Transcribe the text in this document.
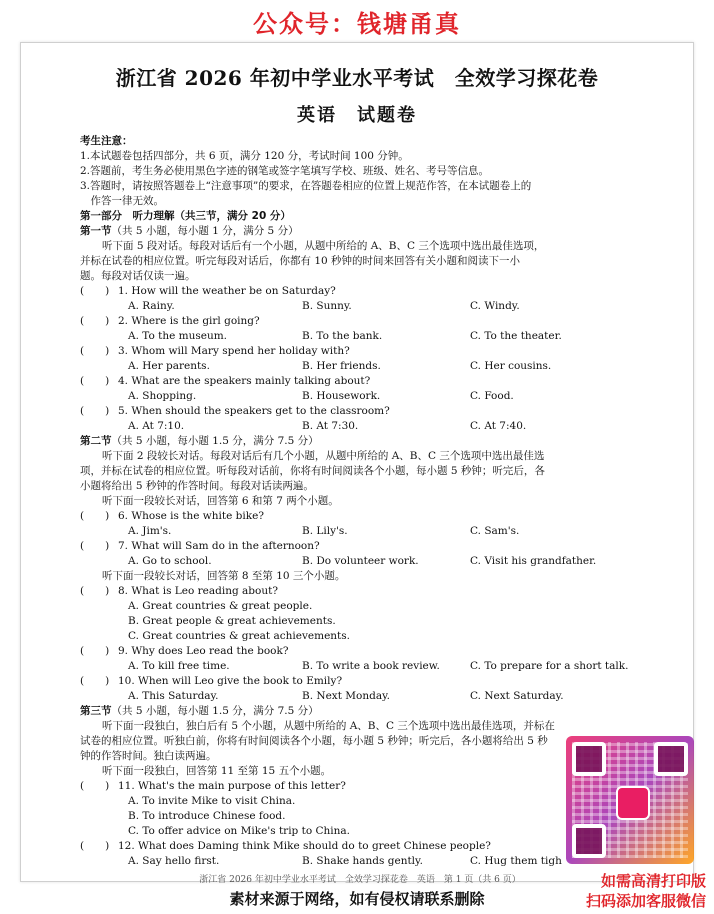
公众号：钱塘甬真
浙江省 2026 年初中学业水平考试　全效学习探花卷
英语　试题卷
考生注意：
1.本试题卷包括四部分，共 6 页，满分 120 分，考试时间 100 分钟。
2.答题前，考生务必使用黑色字迹的钢笔或签字笔填写学校、班级、姓名、考号等信息。
3.答题时，请按照答题卷上“注意事项”的要求，在答题卷相应的位置上规范作答，在本试题卷上的
　作答一律无效。
第一部分　听力理解（共三节，满分 20 分）
第一节（共 5 小题，每小题 1 分，满分 5 分）
听下面 5 段对话。每段对话后有一个小题，从题中所给的 A、B、C 三个选项中选出最佳选项，
并标在试卷的相应位置。听完每段对话后，你都有 10 秒钟的时间来回答有关小题和阅读下一小
题。每段对话仅读一遍。
(　　) 1. How will the weather be on Saturday?
A. Rainy.	B. Sunny.	C. Windy.
(　　) 2. Where is the girl going?
A. To the museum.	B. To the bank.	C. To the theater.
(　　) 3. Whom will Mary spend her holiday with?
A. Her parents.	B. Her friends.	C. Her cousins.
(　　) 4. What are the speakers mainly talking about?
A. Shopping.	B. Housework.	C. Food.
(　　) 5. When should the speakers get to the classroom?
A. At 7:10.	B. At 7:30.	C. At 7:40.
第二节（共 5 小题，每小题 1.5 分，满分 7.5 分）
听下面 2 段较长对话。每段对话后有几个小题，从题中所给的 A、B、C 三个选项中选出最佳选
项，并标在试卷的相应位置。听每段对话前，你将有时间阅读各个小题，每小题 5 秒钟；听完后，各
小题将给出 5 秒钟的作答时间。每段对话读两遍。
听下面一段较长对话，回答第 6 和第 7 两个小题。
(　　) 6. Whose is the white bike?
A. Jim's.	B. Lily's.	C. Sam's.
(　　) 7. What will Sam do in the afternoon?
A. Go to school.	B. Do volunteer work.	C. Visit his grandfather.
听下面一段较长对话，回答第 8 至第 10 三个小题。
(　　) 8. What is Leo reading about?
A. Great countries & great people.
B. Great people & great achievements.
C. Great countries & great achievements.
(　　) 9. Why does Leo read the book?
A. To kill free time.	B. To write a book review.	C. To prepare for a short talk.
(　　) 10. When will Leo give the book to Emily?
A. This Saturday.	B. Next Monday.	C. Next Saturday.
第三节（共 5 小题，每小题 1.5 分，满分 7.5 分）
听下面一段独白，独白后有 5 个小题，从题中所给的 A、B、C 三个选项中选出最佳选项，并标在
试卷的相应位置。听独白前，你将有时间阅读各个小题，每小题 5 秒钟；听完后，各小题将给出 5 秒
钟的作答时间。独白读两遍。
听下面一段独白，回答第 11 至第 15 五个小题。
(　　) 11. What's the main purpose of this letter?
A. To invite Mike to visit China.
B. To introduce Chinese food.
C. To offer advice on Mike's trip to China.
(　　) 12. What does Daming think Mike should do to greet Chinese people?
A. Say hello first.	B. Shake hands gently.	C. Hug them tigh
浙江省 2026 年初中学业水平考试　全效学习探花卷　英语　第 1 页（共 6 页）
素材来源于网络，如有侵权请联系删除
如需高清打印版
扫码添加客服微信
